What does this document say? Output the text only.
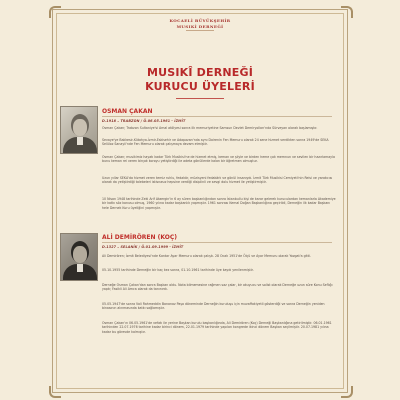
KOCAELİ BÜYÜKŞEHİR
MUSIKİ DERNEĞİ
MUSIKÎ DERNEĞİ
KURUCU ÜYELERİ
OSMAN ÇAKAN
D.1918 – TRABZON / Ö.06.05.1961 - İZMİT

Osman Çakan; Trabzon Sultaniye'si Amal atölyesi sonra ilk memuriyetine Samsun Devlet Demiryolları'nda Sürveyan olarak başlamıştır.

Sevaye'ye Balıkesir-Kütahya-İzmir-Eskisehir ve Adapazarı'nda aynı Dairenin Fen Memuru olarak 24 sene hizmet verdikten sonra 1949'de SEKA Selüloz Sanayii'nde Fen Memuru olarak çalışmaya devam etmiştir.

Osman Çakan; musikimiz hayatı kadar Türk Musikisi'ne de hizmet etmiş, keman ve şiiyle ve birden heme çok memnun ve sevilen bir hazırlamayla bunu keman rei veren birçok koroyu yetiştirdiği ile adeta gönüllerde kalan bir öğretmen olmuştur.

Uzun yıllar SEKA'da hizmet veren temiz ruhlu, fedakâr, müzisyeni fedakârlı ve gönül insanıydı. İzmit Türk Musikisi Cemiyeti'nin Reisi ve yaratıcısı olarak da yetiştirdiği talebeleri istisnasız hepsine verdiği disiplinli ve sevgi dolu hizmet ile yetiştirmiştir.

10 Nisan 1948 tarihinde Zeki Arif Ataergin'in 6 ay süren başkanlığından sonra İstanbullu kişi de karar gelerek kuruculardan kemanlarla Akademiye bir katkı söz konusu olmuş, 1960 yılına kadar başkanlık yapmıştır. 1961 sonrası Kemal Doğan Başkanlığına geçirildi, Derneğin ilk kadar Başkanı hele Dernek Kuru üyeliğini yapmıştır.

ALİ DEMİRÖREN (KOÇ)
D.1327 – SELANİK / Ö.01.09.1999 - İZMİT

Ali Demirören; İzmit Belediyesi'nde Kantar Ayar Memuru olarak çalıştı. 28 Ocak 1951'de Ölçü ve Ayar Memuru olarak Yozgat'a gitti.

05.10.1955 tarihinde Derneğin bir kaç kez sonra, 01.10.1961 tarihinde üye kaydı yenilenmiştir.

Derneğe Osman Çakan'dan sonra Başkan oldu. Nota bilmemesine rağmen saz çalar, bir okuyucu ve solist olarak Derneğe uzun süre Konu Seflığı yaptı; Fasikli Ali Amca olarak da tanınırdı.

05.05.1947'de sonra Vali Rahmeddin Bananaz Paşa döneminde Derneğin kuruluşu için muvaffakiyetli gösterdiği ve sonra Derneğin yeniden binasının alınmasında katkı sağlamıştır.

Osman Çakan'ın 06.05.1961'de vefatı ile yerine Başkan kurulu başkanlığında, Ali Demirören (Koç) Derneği Başkanlığına getirilmiştir. 06.01.1961 tarihinden 22.07.1976 tarihine kadar birinci dönem, 22.01.1979 tarihinde yapılan kongrede ikinci dönem Başkan seçilmiştir. 20.07.1981 yılına kadar bu görevde kalmıştır.
